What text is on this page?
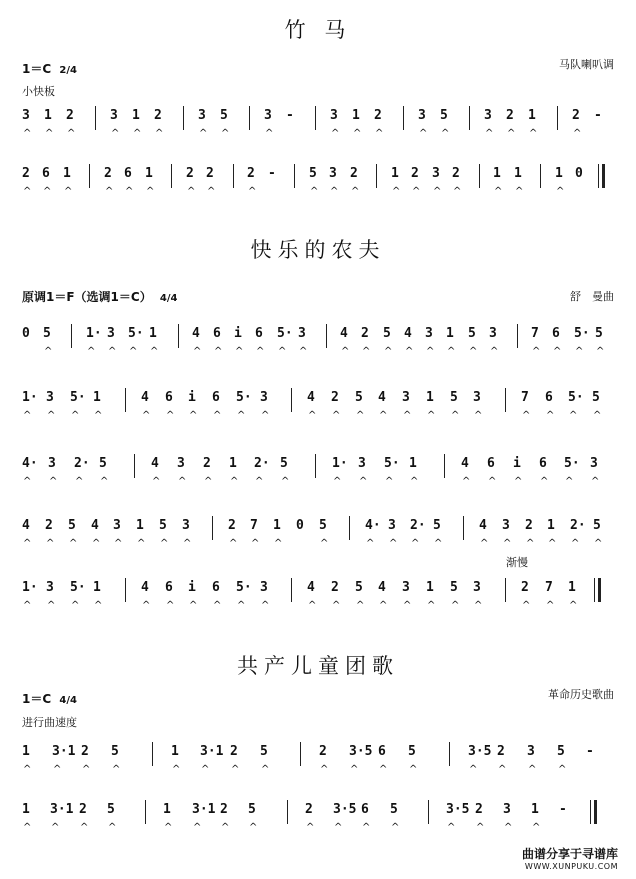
竹 马
1＝C 2/4
小快板
马队喇叭调
3
^
1
^
2
^
3
^
1
^
2
^
3
^
5
^
3
^
-	3
^
1
^
2
^
3
^
5
^
3
^
2
^
1
^
2
^
-
2
^
6
^
1
^
2
^
6
^
1
^
2
^
2
^
2
^
-	5
^
3
^
2
^
1
^
2
^
3
^
2
^
1
^
1
^
1
^
0
快乐的农夫
原调1＝F（选调1＝C） 4/4	舒　曼曲
0 5
^
1·
^
3
^
5·
^
1
^
4
^
6
^
i
^
6
^
5·
^
3
^
4
^
2
^
5
^
4
^
3
^
1
^
5
^
3
^
7
^
6
^
5·
^
5
^
1·
^
3
^
5·
^
1
^
4
^
6
^
i
^
6
^
5·
^
3
^
4
^
2
^
5
^
4
^
3
^
1
^
5
^
3
^
7
^
6
^
5·
^
5
^
4·
^
3
^
2·
^
5
^
4
^
3
^
2
^
1
^
2·
^
5
^
1·
^
3
^
5·
^
1
^
4
^
6
^
i
^
6
^
5·
^
3
^
4
^
2
^
5
^
4
^
3
^
1
^
5
^
3
^
2
^
7
^
1
^
0 5
^
4·
^
3
^
2·
^
5
^
4
^
3
^
2
^
1
^
2·
^
5
^
渐慢
1·
^
3
^
5·
^
1
^
4
^
6
^
i
^
6
^
5·
^
3
^
4
^
2
^
5
^
4
^
3
^
1
^
5
^
3
^
2
^
7
^
1
^
共产儿童团歌
1＝C 4/4	革命历史歌曲
进行曲速度
1
^
3·1
^
2
^
5
^
1
^
3·1
^
2
^
5
^
2
^
3·5
^
6
^
5
^
3·5
^
2
^
3
^
5
^
-
1
^
3·1
^
2
^
5
^
1
^
3·1
^
2
^
5
^
2
^
3·5
^
6
^
5
^
3·5
^
2
^
3
^
1
^
-
曲谱分享于寻谱库
WWW.XUNPUKU.COM
